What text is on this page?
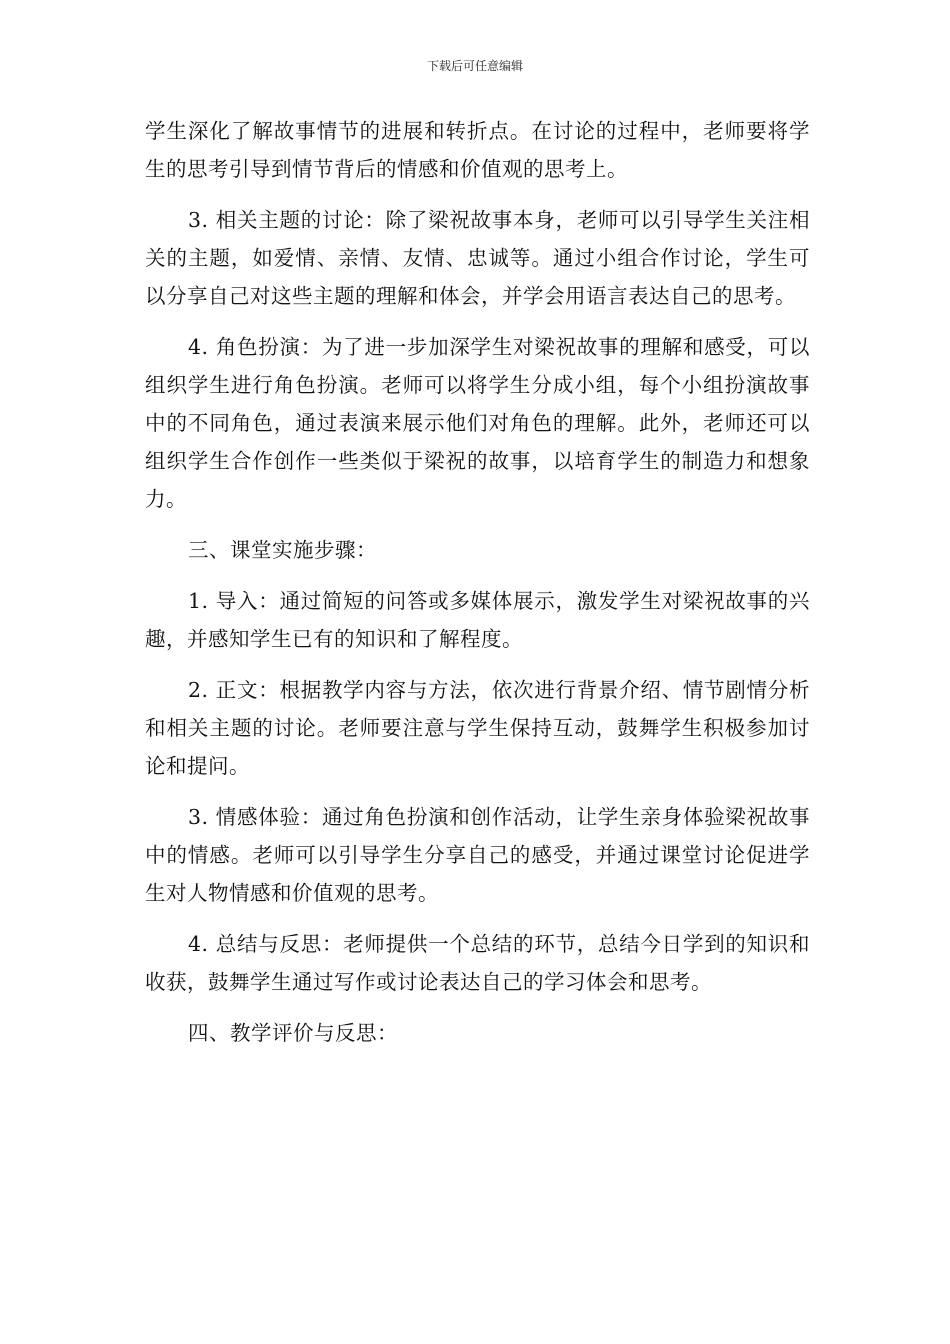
下载后可任意编辑

学生深化了解故事情节的进展和转折点。在讨论的过程中，老师要将学生的思考引导到情节背后的情感和价值观的思考上。

3. 相关主题的讨论：除了梁祝故事本身，老师可以引导学生关注相关的主题，如爱情、亲情、友情、忠诚等。通过小组合作讨论，学生可以分享自己对这些主题的理解和体会，并学会用语言表达自己的思考。

4. 角色扮演：为了进一步加深学生对梁祝故事的理解和感受，可以组织学生进行角色扮演。老师可以将学生分成小组，每个小组扮演故事中的不同角色，通过表演来展示他们对角色的理解。此外，老师还可以组织学生合作创作一些类似于梁祝的故事，以培育学生的制造力和想象力。

三、课堂实施步骤：

1. 导入：通过简短的问答或多媒体展示，激发学生对梁祝故事的兴趣，并感知学生已有的知识和了解程度。

2. 正文：根据教学内容与方法，依次进行背景介绍、情节剧情分析和相关主题的讨论。老师要注意与学生保持互动，鼓舞学生积极参加讨论和提问。

3. 情感体验：通过角色扮演和创作活动，让学生亲身体验梁祝故事中的情感。老师可以引导学生分享自己的感受，并通过课堂讨论促进学生对人物情感和价值观的思考。

4. 总结与反思：老师提供一个总结的环节，总结今日学到的知识和收获，鼓舞学生通过写作或讨论表达自己的学习体会和思考。

四、教学评价与反思：
